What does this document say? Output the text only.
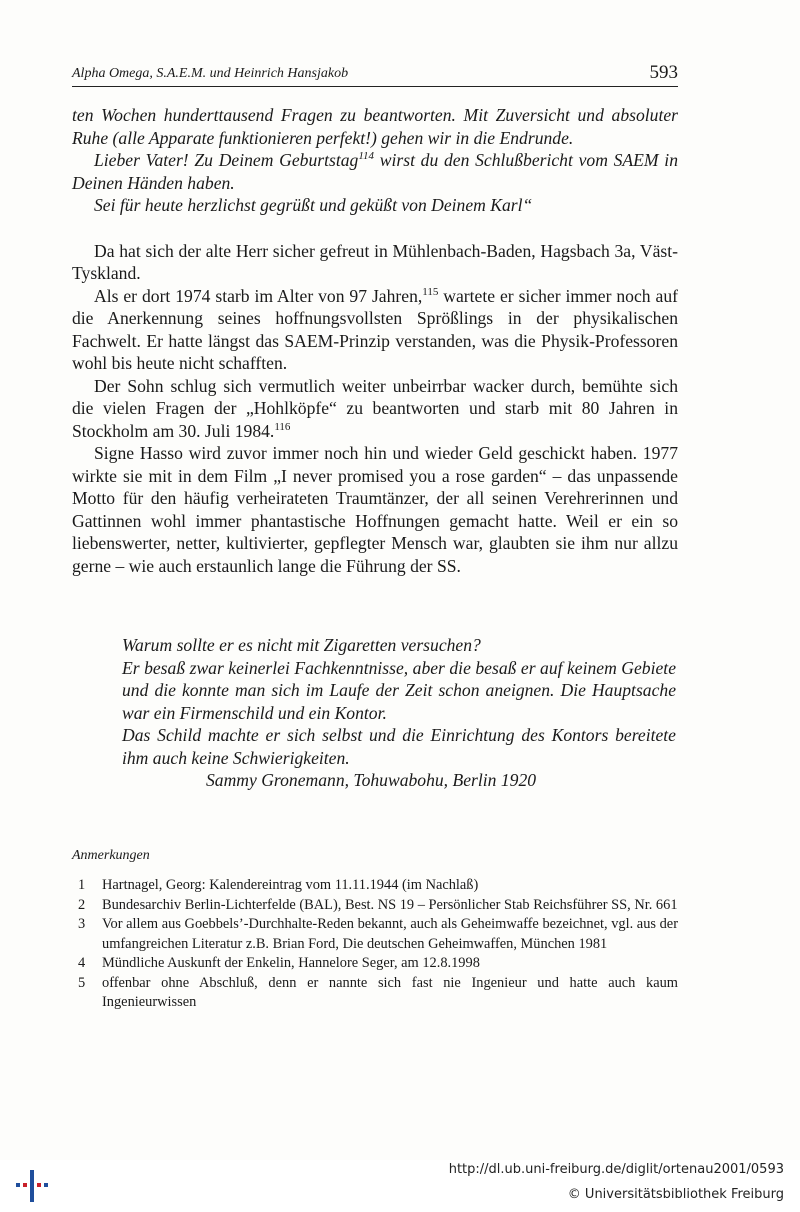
Alpha Omega, S.A.E.M. und Heinrich Hansjakob	593

ten Wochen hunderttausend Fragen zu beantworten. Mit Zuversicht und absoluter Ruhe (alle Apparate funktionieren perfekt!) gehen wir in die Endrunde.

Lieber Vater! Zu Deinem Geburtstag$^{114}$ wirst du den Schlußbericht vom SAEM in Deinen Händen haben.

Sei für heute herzlichst gegrüßt und geküßt von Deinem Karl“

Da hat sich der alte Herr sicher gefreut in Mühlenbach-Baden, Hagsbach 3a, Väst-Tyskland.

Als er dort 1974 starb im Alter von 97 Jahren,$^{115}$ wartete er sicher immer noch auf die Anerkennung seines hoffnungsvollsten Sprößlings in der physikalischen Fachwelt. Er hatte längst das SAEM-Prinzip verstanden, was die Physik-Professoren wohl bis heute nicht schafften.

Der Sohn schlug sich vermutlich weiter unbeirrbar wacker durch, bemühte sich die vielen Fragen der „Hohlköpfe“ zu beantworten und starb mit 80 Jahren in Stockholm am 30. Juli 1984.$^{116}$

Signe Hasso wird zuvor immer noch hin und wieder Geld geschickt haben. 1977 wirkte sie mit in dem Film „I never promised you a rose garden“ – das unpassende Motto für den häufig verheirateten Traumtänzer, der all seinen Verehrerinnen und Gattinnen wohl immer phantastische Hoffnungen gemacht hatte. Weil er ein so liebenswerter, netter, kultivierter, gepflegter Mensch war, glaubten sie ihm nur allzu gerne – wie auch erstaunlich lange die Führung der SS.

Warum sollte er es nicht mit Zigaretten versuchen?

Er besaß zwar keinerlei Fachkenntnisse, aber die besaß er auf keinem Gebiete und die konnte man sich im Laufe der Zeit schon aneignen. Die Hauptsache war ein Firmenschild und ein Kontor.

Das Schild machte er sich selbst und die Einrichtung des Kontors bereitete ihm auch keine Schwierigkeiten.

Sammy Gronemann, Tohuwabohu, Berlin 1920

Anmerkungen
1 Hartnagel, Georg: Kalendereintrag vom 11.11.1944 (im Nachlaß)
2 Bundesarchiv Berlin-Lichterfelde (BAL), Best. NS 19 – Persönlicher Stab Reichsführer SS, Nr. 661
3 Vor allem aus Goebbels’-Durchhalte-Reden bekannt, auch als Geheimwaffe bezeichnet, vgl. aus der umfangreichen Literatur z.B. Brian Ford, Die deutschen Geheimwaffen, München 1981
4 Mündliche Auskunft der Enkelin, Hannelore Seger, am 12.8.1998
5 offenbar ohne Abschluß, denn er nannte sich fast nie Ingenieur und hatte auch kaum Ingenieurwissen
http://dl.ub.uni-freiburg.de/diglit/ortenau2001/0593
© Universitätsbibliothek Freiburg
